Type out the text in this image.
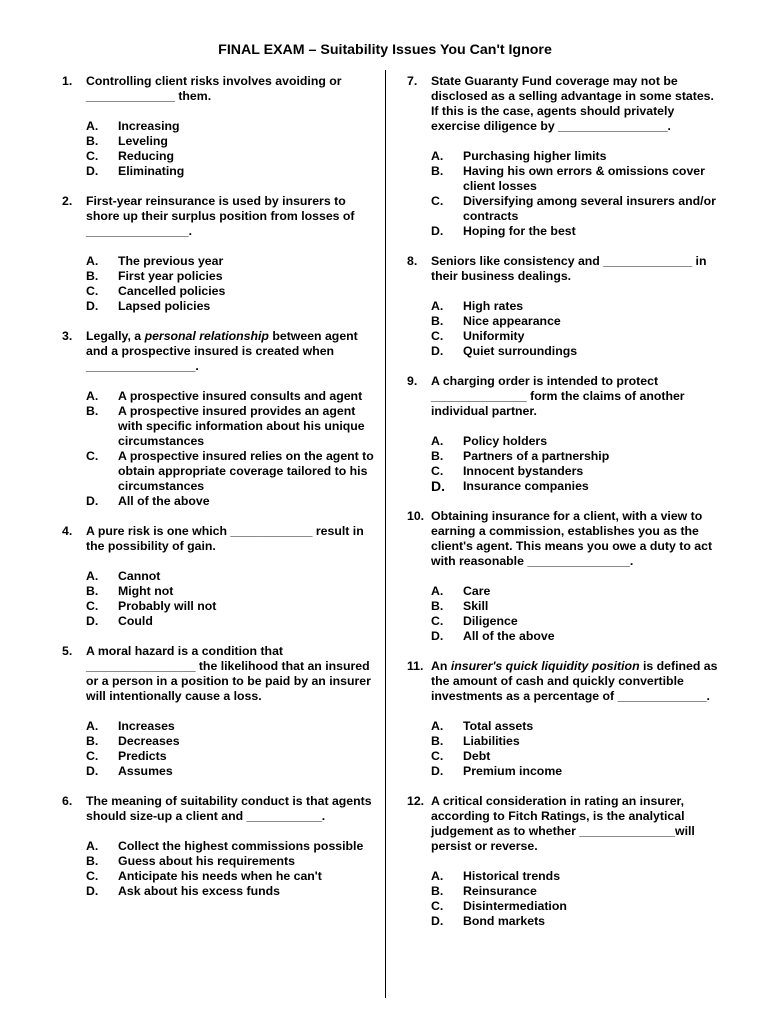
FINAL EXAM – Suitability Issues You Can't Ignore
1.	Controlling client risks involves avoiding or _____________ them.
A.	Increasing
B.	Leveling
C.	Reducing
D.	Eliminating
2.	First-year reinsurance is used by insurers to shore up their surplus position from losses of _______________.
A.	The previous year
B.	First year policies
C.	Cancelled policies
D.	Lapsed policies
3.	Legally, a personal relationship between agent and a prospective insured is created when ________________.
A.	A prospective insured consults and agent
B.	A prospective insured provides an agent with specific information about his unique circumstances
C.	A prospective insured relies on the agent to obtain appropriate coverage tailored to his circumstances
D.	All of the above
4.	A pure risk is one which ____________ result in the possibility of gain.
A.	Cannot
B.	Might not
C.	Probably will not
D.	Could
5.	A moral hazard is a condition that ________________ the likelihood that an insured or a person in a position to be paid by an insurer will intentionally cause a loss.
A.	Increases
B.	Decreases
C.	Predicts
D.	Assumes
6.	The meaning of suitability conduct is that agents should size-up a client and ___________.
A.	Collect the highest commissions possible
B.	Guess about his requirements
C.	Anticipate his needs when he can't
D.	Ask about his excess funds
7.	State Guaranty Fund coverage may not be disclosed as a selling advantage in some states. If this is the case, agents should privately exercise diligence by ________________.
A.	Purchasing higher limits
B.	Having his own errors & omissions cover client losses
C.	Diversifying among several insurers and/or contracts
D.	Hoping for the best
8.	Seniors like consistency and _____________ in their business dealings.
A.	High rates
B.	Nice appearance
C.	Uniformity
D.	Quiet surroundings
9.	A charging order is intended to protect ______________ form the claims of another individual partner.
A.	Policy holders
B.	Partners of a partnership
C.	Innocent bystanders
D.	Insurance companies
10. Obtaining insurance for a client, with a view to earning a commission, establishes you as the client's agent. This means you owe a duty to act with reasonable _______________.
A.	Care
B.	Skill
C.	Diligence
D.	All of the above
11. An insurer's quick liquidity position is defined as the amount of cash and quickly convertible investments as a percentage of _____________.
A.	Total assets
B.	Liabilities
C.	Debt
D.	Premium income
12. A critical consideration in rating an insurer, according to Fitch Ratings, is the analytical judgement as to whether ______________will persist or reverse.
A.	Historical trends
B.	Reinsurance
C.	Disintermediation
D.	Bond markets
